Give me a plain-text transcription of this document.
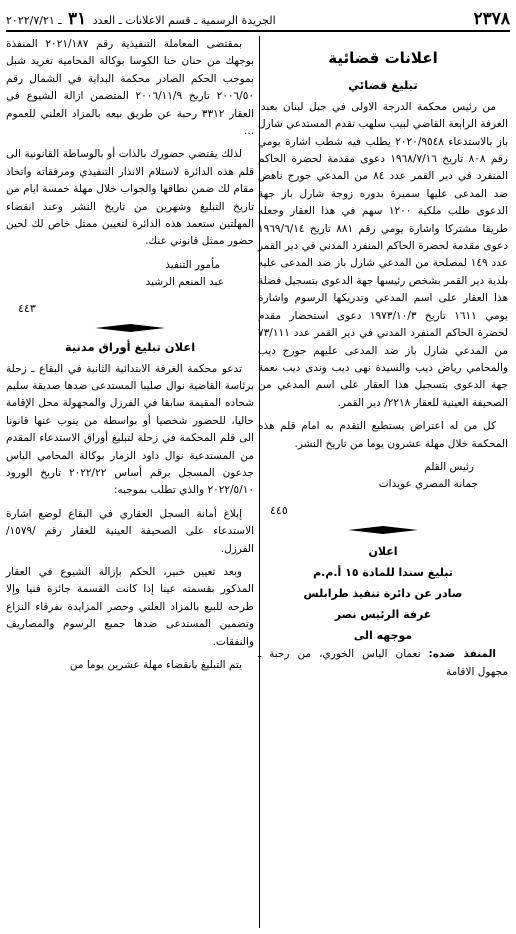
٢٣٧٨
الجريدة الرسمية ـ قسم الاعلانات ـ العدد ٣١ ـ ٢٠٢٢/٧/٢١
اعلانات قضائية
تبليغ قضائي

من رئيس محكمة الدرجة الاولى في جبل لبنان بعبدا الغرفة الرابعة القاضي لبيب سلهب تقدم المستدعي شارل باز بالاستدعاء ٢٠٢٠/٩٥٤٨ يطلب فيه شطب اشارة يومي رقم ٨٠٨ تاريخ ١٩٦٨/٧/١٦ دعوى مقدمة لحضرة الحاكم المنفرد في دير القمر عدد ٨٤ من المدعي جورج ناهض ضد المدعى عليها سميرة بدوره زوجة شارل باز جهة الدعوى طلب ملكية ١٢٠٠ سهم في هذا العقار وجعله طريقا مشتركا واشارة يومي رقم ٨٨١ تاريخ ١٩٦٩/٦/١٤ دعوى مقدمة لحضرة الحاكم المنفرد المدني في دير القمر عدد ١٤٩ لمصلحة من المدعي شارل باز ضد المدعى عليه بلدية دير القمر بشخص رئيسها جهة الدعوى بتسجيل فضلة هذا العقار على اسم المدعي وتدريكها الرسوم واشارة يومي ١٦١١ تاريخ ١٩٧٣/١٠/٣ دعوى استحضار مقدم لحضرة الحاكم المنفرد المدني في دير القمر عدد ٧٣/١١١ من المدعي شارل باز ضد المدعى عليهم جورج ديب والمحامي رياض ديب والسيدة نهى ديب وندى ديب نعمة جهة الدعوى بتسجيل هذا العقار على اسم المدعي من الصحيفة العينية للعقار ٢٢١٨/ دير القمر.

كل من له اعتراض يستطيع التقدم به امام قلم هذه المحكمة خلال مهلة عشرون يوما من تاريخ النشر.

رئيس القلم

جمانة المصري عويدات

٤٤٥
اعلان
تبليغ سندا للمادة ١٥ أ.م.م
صادر عن دائرة تنفيذ طرابلس
غرفة الرئيس نصر
موجهه الى

المنفذ ضده: نعمان الياس الخوري، من رحبة ـ مجهول الاقامة

بمقتضى المعاملة التنفيذية رقم ٢٠٢١/١٨٧ المنفذة بوجهك من حنان حنا الكوسا بوكالة المحامية تغريد شبل بموجب الحكم الصادر محكمة البداية في الشمال رقم ٢٠٠٦/٥٠ تاريخ ٢٠٠٦/١١/٩ المتضمن ازالة الشيوع في العقار ٣٣١٢ رحبة عن طريق بيعه بالمزاد العلني للعموم ...

لذلك يقتضي حضورك بالذات أو بالوساطة القانونية الى قلم هذه الدائرة لاستلام الانذار التنفيذي ومرفقاته واتخاذ مقام لك ضمن نطاقها والجواب خلال مهلة خمسة ايام من تاريخ التبليغ وشهرين من تاريخ النشر وعند انقضاء المهلتين ستعمد هذه الدائرة لتعيين ممثل خاص لك لحين حضور ممثل قانوني عنك.

مأمور التنفيذ

عبد المنعم الرشيد

٤٤٣
اعلان تبليغ أوراق مدنية

تدعو محكمة الغرفة الابتدائية الثانية في البقاع ـ زحلة برئاسة القاضية نوال صليبا المستدعى ضدها صديقة سليم شحاده المقيمة سابقا في الفرزل والمجهولة محل الإقامة حاليا، للحضور شخصيا أو بواسطة من ينوب عنها قانونا الى قلم المحكمة في زحلة لتبليغ أوراق الاستدعاء المقدم من المستدعية نوال داود الزمار بوكالة المحامي الياس جدعون المسجل برقم أساس ٢٠٢٢/٢٢ تاريخ الورود ٢٠٢٢/٥/١٠ والذي تطلب بموجبه:

إبلاغ أمانة السجل العقاري في البقاع لوضع اشارة الاستدعاء على الصحيفة العينية للعقار رقم /١٥٧٩/ الفرزل.

وبعد تعيين خبير، الحكم بإزالة الشيوع في العقار المذكور بقسمته عينا إذا كانت القسمة جائزة فنيا وإلا طرحه للبيع بالمزاد العلني وحصر المزايدة بفرقاء النزاع وتضمين المستدعى ضدها جميع الرسوم والمصاريف والنفقات.

يتم التبليغ بانقضاء مهلة عشرين يوما من
